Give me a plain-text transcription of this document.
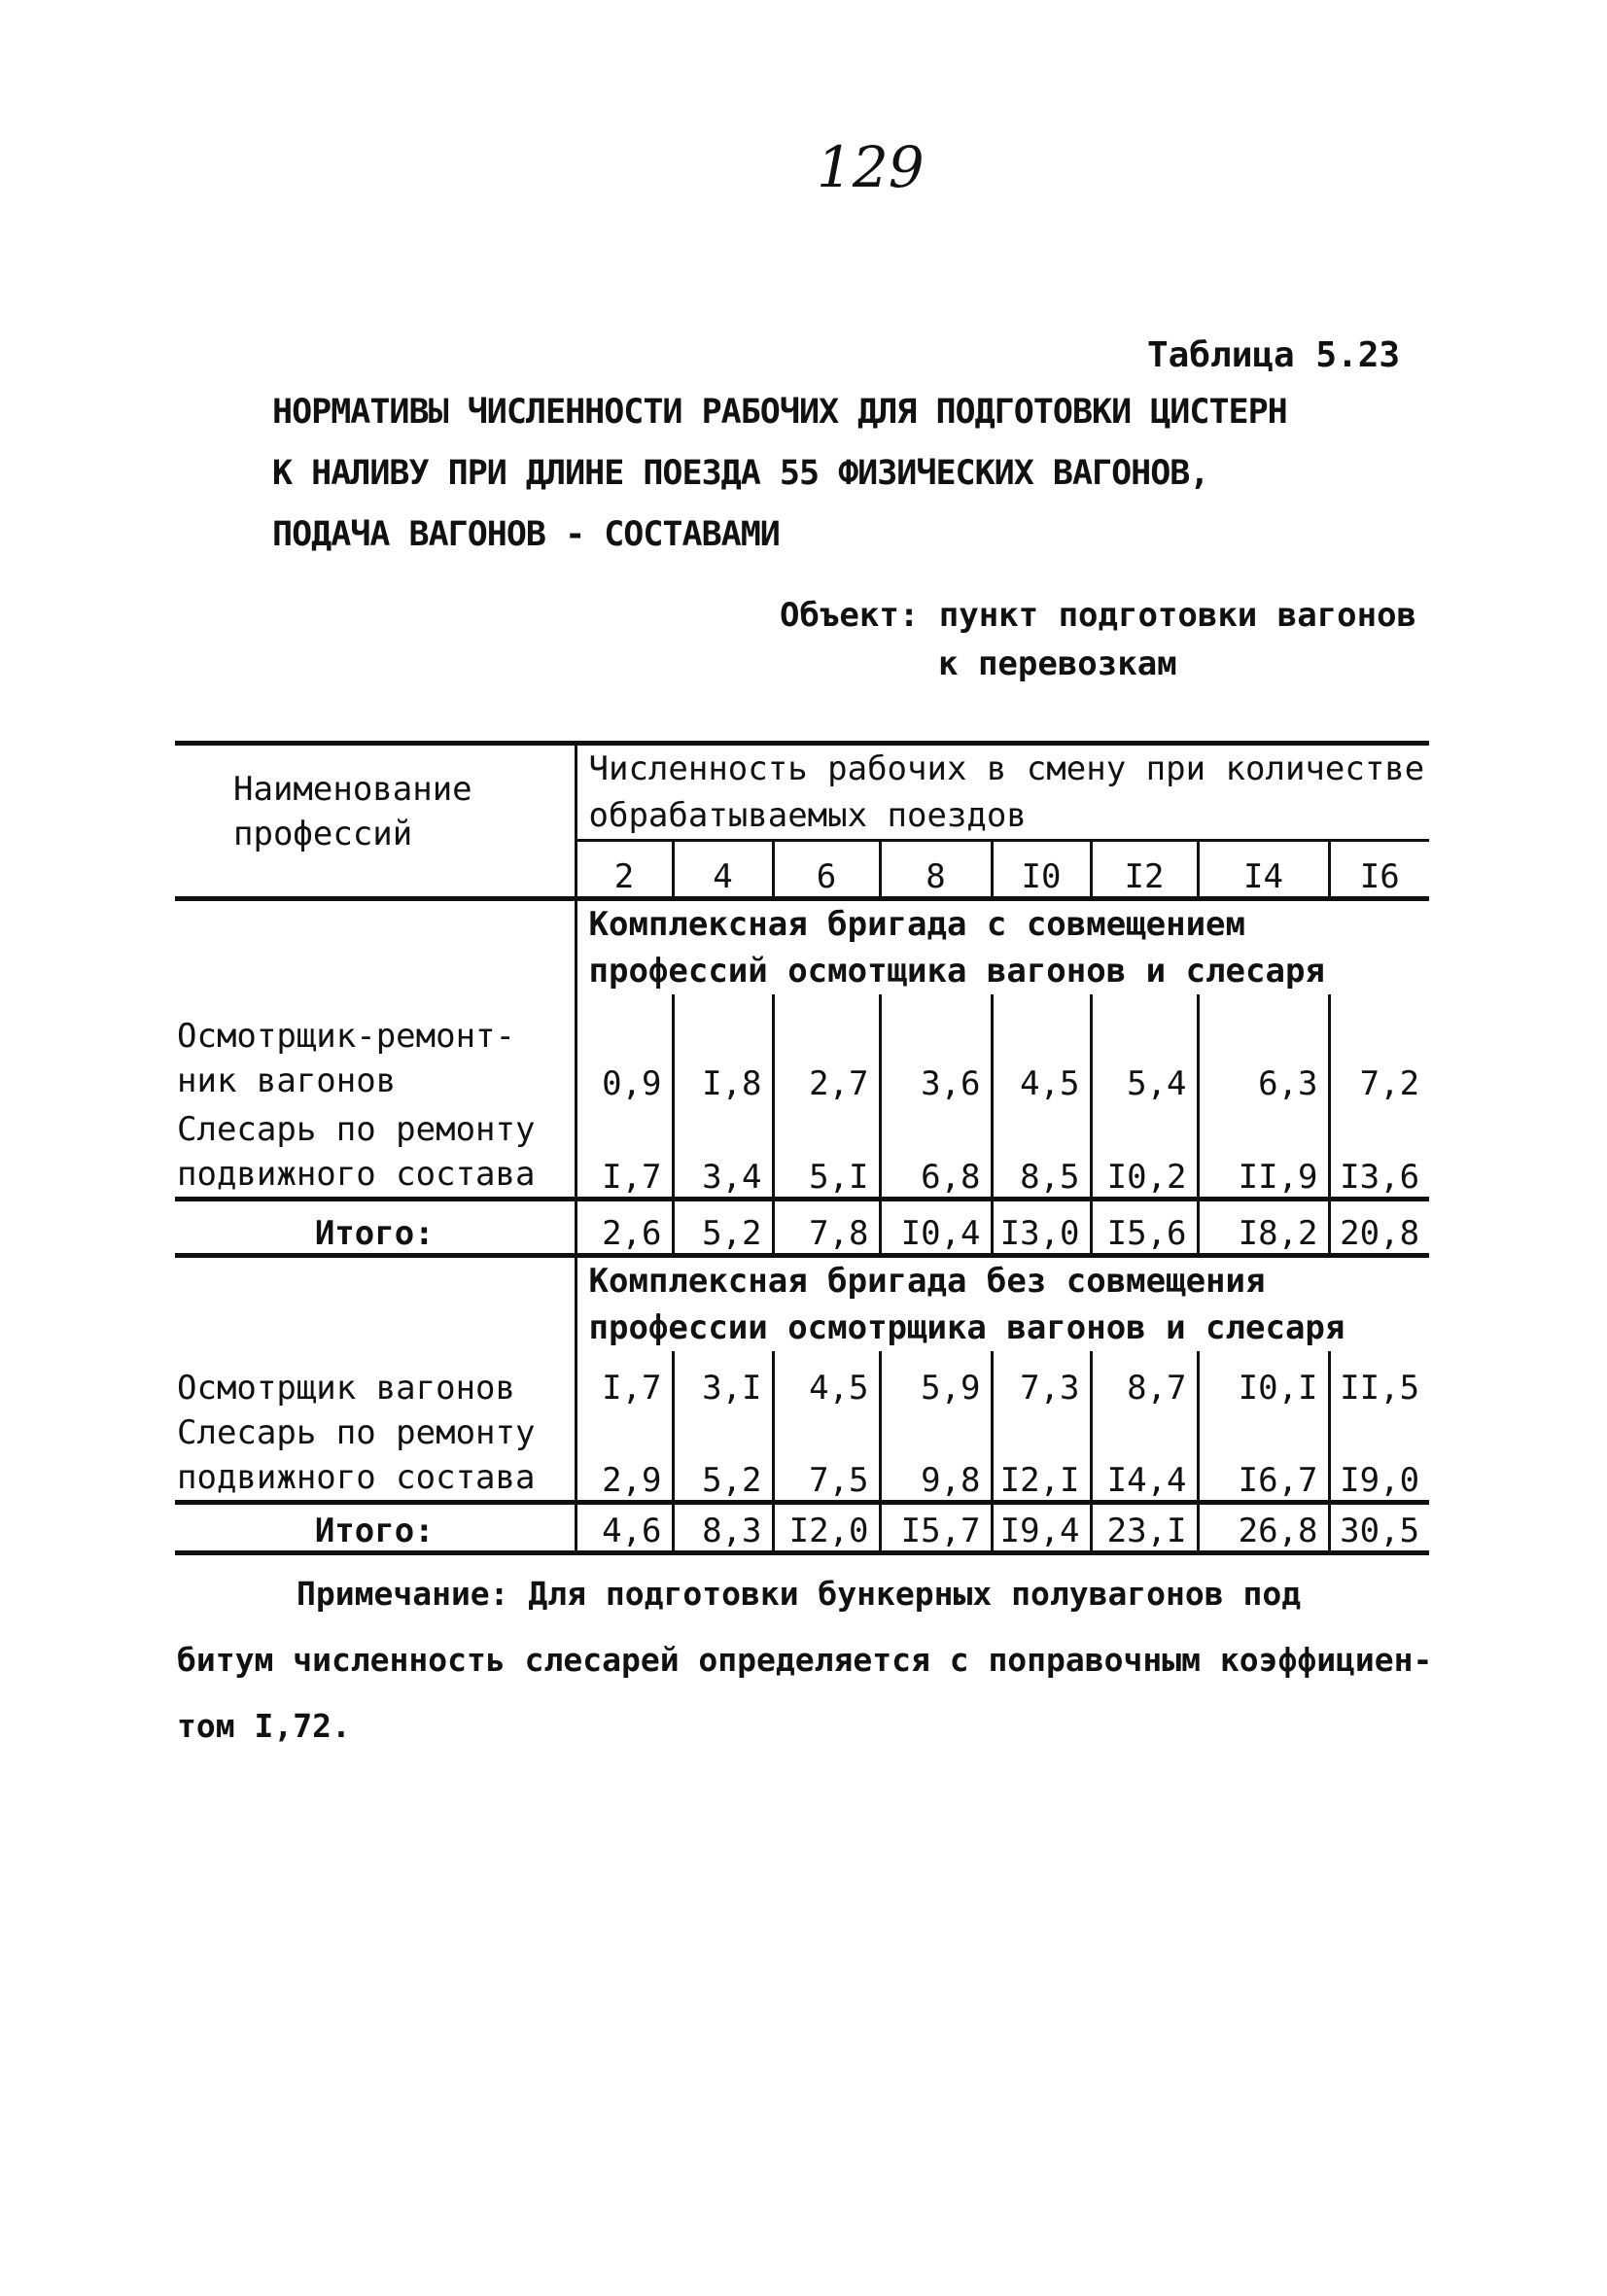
129
Таблица 5.23
НОРМАТИВЫ ЧИСЛЕННОСТИ РАБОЧИХ ДЛЯ ПОДГОТОВКИ ЦИСТЕРН
К НАЛИВУ ПРИ ДЛИНЕ ПОЕЗДА 55 ФИЗИЧЕСКИХ ВАГОНОВ,
ПОДАЧА ВАГОНОВ - СОСТАВАМИ
Объект: пункт подготовки вагонов
к перевозкам
Наименование профессий	Численность рабочих в смену при количестве обрабатываемых поездов							
	2	4	6	8	I0	I2	I4	I6
	Комплексная бригада с совмещением профессий осмотщика вагонов и слесаря							
Осмотрщик-ремонт-ник вагонов	0,9	I,8	2,7	3,6	4,5	5,4	6,3	7,2
Слесарь по ремонту подвижного состава	I,7	3,4	5,I	6,8	8,5	I0,2	II,9	I3,6
Итого:	2,6	5,2	7,8	I0,4	I3,0	I5,6	I8,2	20,8
	Комплексная бригада без совмещения профессии осмотрщика вагонов и слесаря							
Осмотрщик вагонов	I,7	3,I	4,5	5,9	7,3	8,7	I0,I	II,5
Слесарь по ремонту подвижного состава	2,9	5,2	7,5	9,8	I2,I	I4,4	I6,7	I9,0
Итого:	4,6	8,3	I2,0	I5,7	I9,4	23,I	26,8	30,5
Примечание: Для подготовки бункерных полувагонов под
битум численность слесарей определяется с поправочным коэффициен-
том I,72.
